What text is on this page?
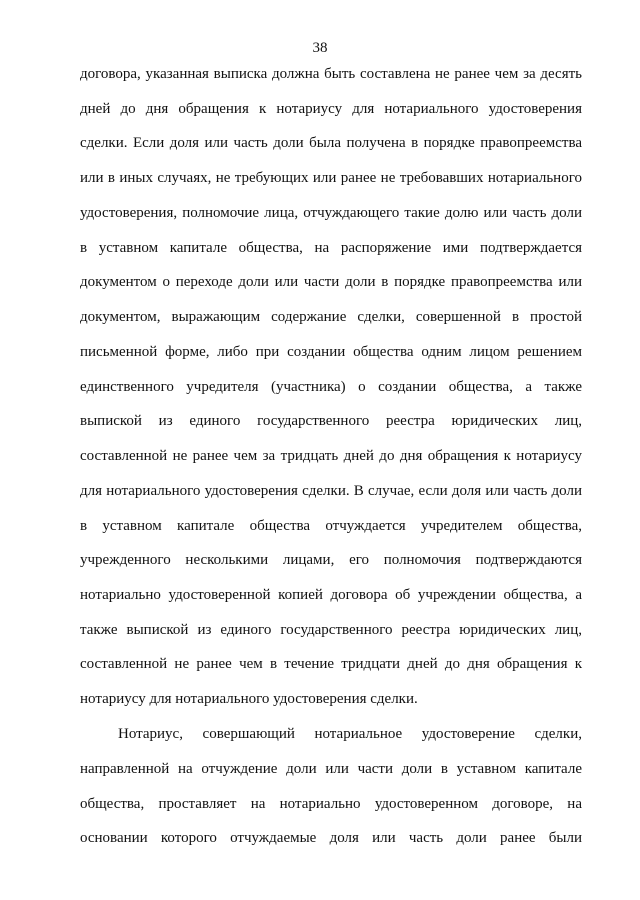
38
договора, указанная выписка должна быть составлена не ранее чем за десять
дней до дня обращения к нотариусу для нотариального удостоверения
сделки. Если доля или часть доли была получена в порядке правопреемства
или в иных случаях, не требующих или ранее не требовавших нотариального
удостоверения, полномочие лица, отчуждающего такие долю или часть доли
в уставном капитале общества, на распоряжение ими подтверждается
документом о переходе доли или части доли в порядке правопреемства или
документом, выражающим содержание сделки, совершенной в простой
письменной форме, либо при создании общества одним лицом решением
единственного учредителя (участника) о создании общества, а также
выпиской из единого государственного реестра юридических лиц,
составленной не ранее чем за тридцать дней до дня обращения к нотариусу
для нотариального удостоверения сделки. В случае, если доля или часть доли
в уставном капитале общества отчуждается учредителем общества,
учрежденного несколькими лицами, его полномочия подтверждаются
нотариально удостоверенной копией договора об учреждении общества, а
также выпиской из единого государственного реестра юридических лиц,
составленной не ранее чем в течение тридцати дней до дня обращения к
нотариусу для нотариального удостоверения сделки.
Нотариус, совершающий нотариальное удостоверение сделки,
направленной на отчуждение доли или части доли в уставном капитале
общества, проставляет на нотариально удостоверенном договоре, на
основании которого отчуждаемые доля или часть доли ранее были
